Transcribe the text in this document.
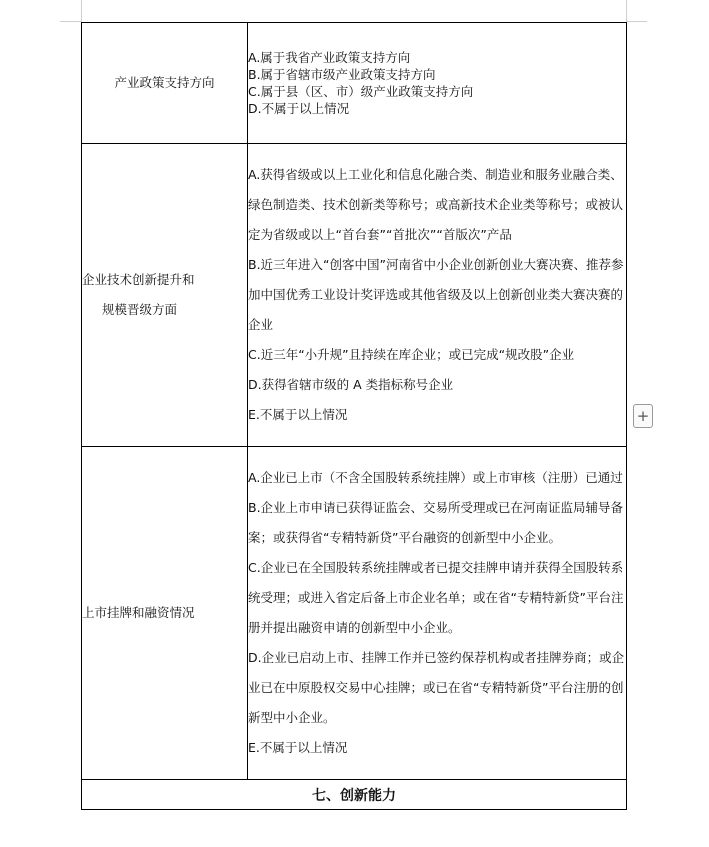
产业政策支持方向	A.属于我省产业政策支持方向
B.属于省辖市级产业政策支持方向
C.属于县（区、市）级产业政策支持方向
D.不属于以上情况

企业技术创新提升和
规模晋级方面	A.获得省级或以上工业化和信息化融合类、制造业和服务业融合类、绿色制造类、技术创新类等称号；或高新技术企业类等称号；或被认定为省级或以上“首台套”“首批次”“首版次”产品
B.近三年进入“创客中国”河南省中小企业创新创业大赛决赛、推荐参加中国优秀工业设计奖评选或其他省级及以上创新创业类大赛决赛的企业
C.近三年“小升规”且持续在库企业；或已完成“规改股”企业
D.获得省辖市级的 A 类指标称号企业
E.不属于以上情况

上市挂牌和融资情况	A.企业已上市（不含全国股转系统挂牌）或上市审核（注册）已通过
B.企业上市申请已获得证监会、交易所受理或已在河南证监局辅导备案；或获得省“专精特新贷”平台融资的创新型中小企业。
C.企业已在全国股转系统挂牌或者已提交挂牌申请并获得全国股转系统受理；或进入省定后备上市企业名单；或在省“专精特新贷”平台注册并提出融资申请的创新型中小企业。
D.企业已启动上市、挂牌工作并已签约保荐机构或者挂牌券商；或企业已在中原股权交易中心挂牌；或已在省“专精特新贷”平台注册的创新型中小企业。
E.不属于以上情况

七、创新能力	
+
